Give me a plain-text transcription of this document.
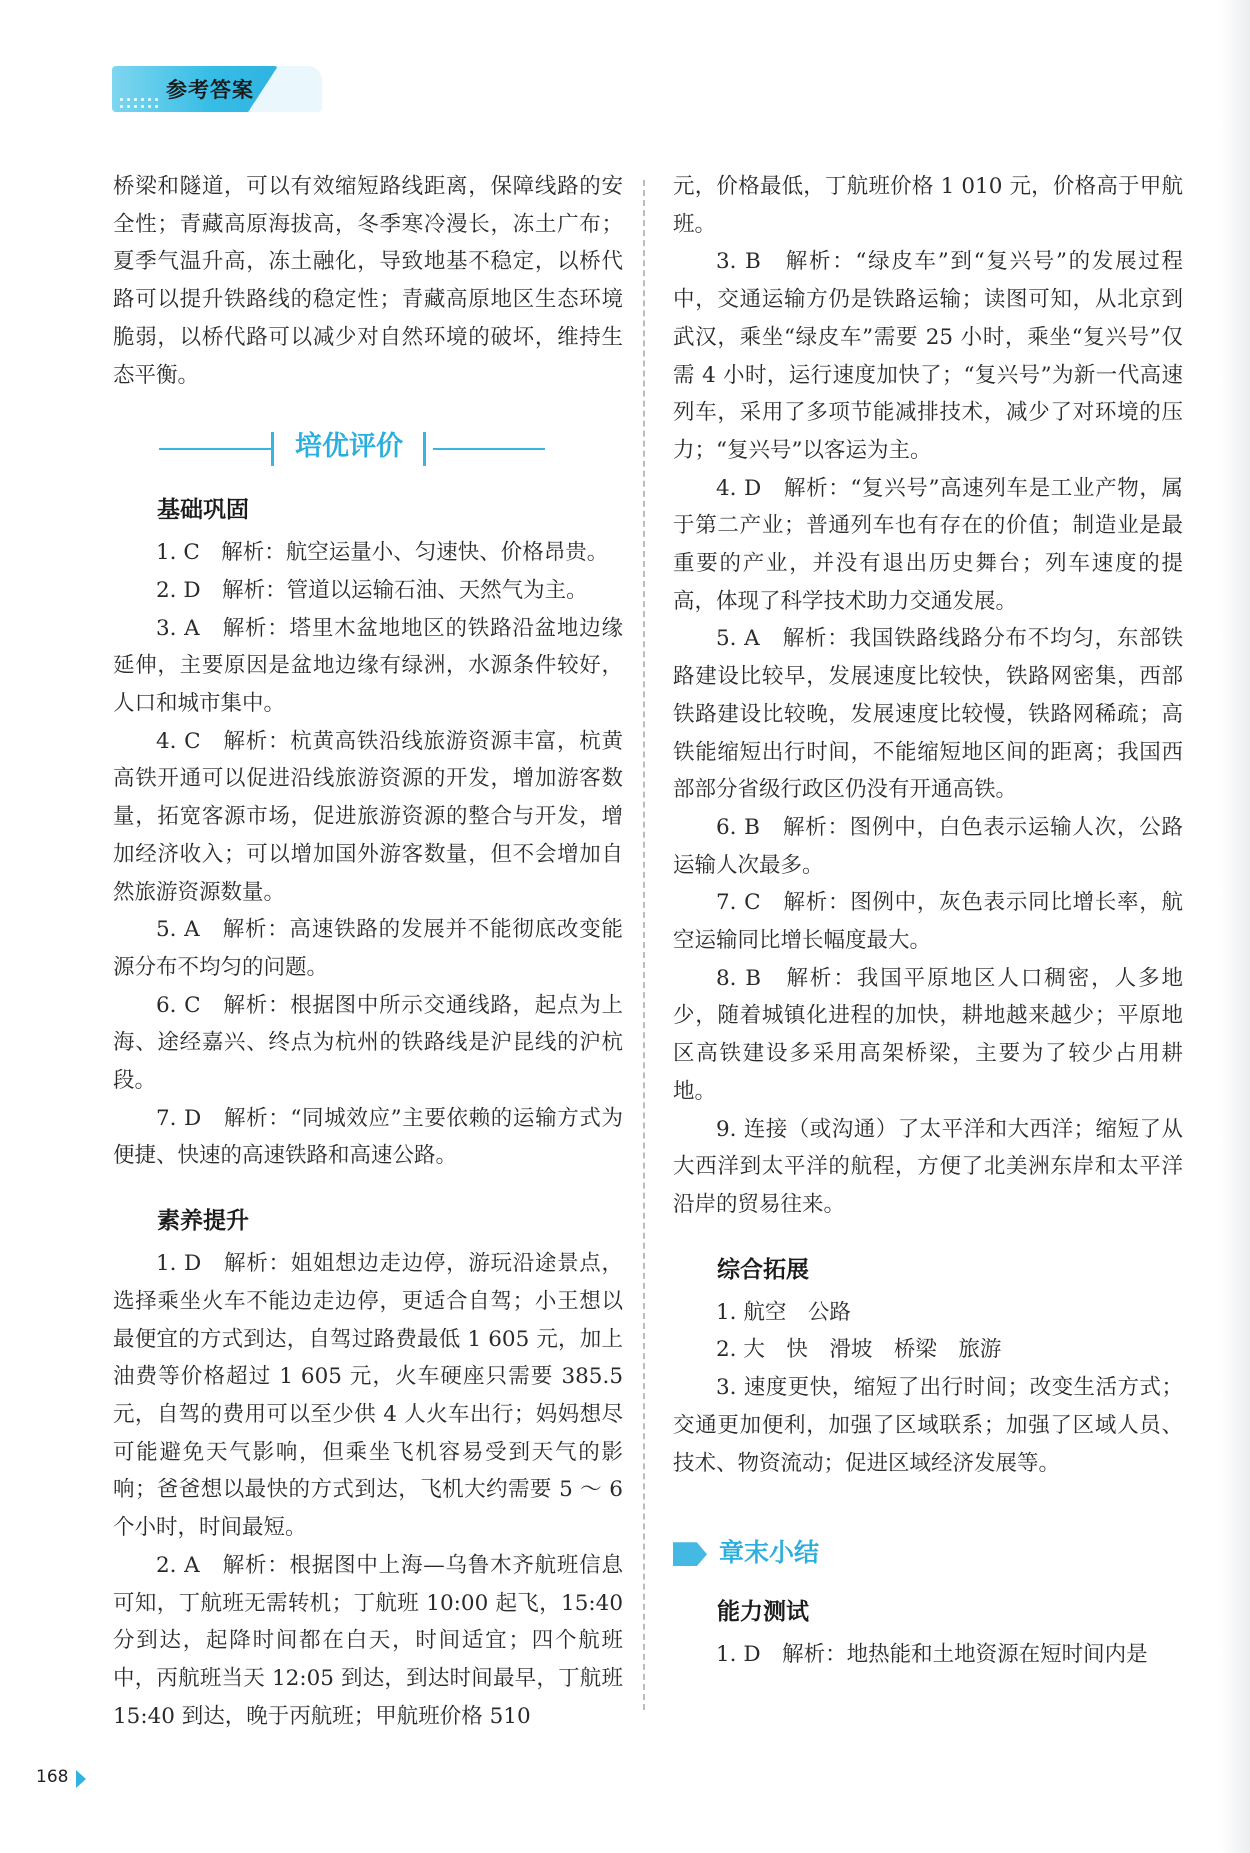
参考答案

桥梁和隧道，可以有效缩短路线距离，保障线路的安全性；青藏高原海拔高，冬季寒冷漫长，冻土广布；夏季气温升高，冻土融化，导致地基不稳定，以桥代路可以提升铁路线的稳定性；青藏高原地区生态环境脆弱，以桥代路可以减少对自然环境的破坏，维持生态平衡。

培优评价
基础巩固

1. C　解析：航空运量小、匀速快、价格昂贵。

2. D　解析：管道以运输石油、天然气为主。

3. A　解析：塔里木盆地地区的铁路沿盆地边缘延伸，主要原因是盆地边缘有绿洲，水源条件较好，人口和城市集中。

4. C　解析：杭黄高铁沿线旅游资源丰富，杭黄高铁开通可以促进沿线旅游资源的开发，增加游客数量，拓宽客源市场，促进旅游资源的整合与开发，增加经济收入；可以增加国外游客数量，但不会增加自然旅游资源数量。

5. A　解析：高速铁路的发展并不能彻底改变能源分布不均匀的问题。

6. C　解析：根据图中所示交通线路，起点为上海、途经嘉兴、终点为杭州的铁路线是沪昆线的沪杭段。

7. D　解析：“同城效应”主要依赖的运输方式为便捷、快速的高速铁路和高速公路。

素养提升

1. D　解析：姐姐想边走边停，游玩沿途景点，选择乘坐火车不能边走边停，更适合自驾；小王想以最便宜的方式到达，自驾过路费最低 1 605 元，加上油费等价格超过 1 605 元，火车硬座只需要 385.5 元，自驾的费用可以至少供 4 人火车出行；妈妈想尽可能避免天气影响，但乘坐飞机容易受到天气的影响；爸爸想以最快的方式到达，飞机大约需要 5 ～ 6 个小时，时间最短。

2. A　解析：根据图中上海—乌鲁木齐航班信息可知，丁航班无需转机；丁航班 10:00 起飞，15:40 分到达，起降时间都在白天，时间适宜；四个航班中，丙航班当天 12:05 到达，到达时间最早，丁航班 15:40 到达，晚于丙航班；甲航班价格 510

元，价格最低，丁航班价格 1 010 元，价格高于甲航班。

3. B　解析：“绿皮车”到“复兴号”的发展过程中，交通运输方仍是铁路运输；读图可知，从北京到武汉，乘坐“绿皮车”需要 25 小时，乘坐“复兴号”仅需 4 小时，运行速度加快了；“复兴号”为新一代高速列车，采用了多项节能减排技术，减少了对环境的压力；“复兴号”以客运为主。

4. D　解析：“复兴号”高速列车是工业产物，属于第二产业；普通列车也有存在的价值；制造业是最重要的产业，并没有退出历史舞台；列车速度的提高，体现了科学技术助力交通发展。

5. A　解析：我国铁路线路分布不均匀，东部铁路建设比较早，发展速度比较快，铁路网密集，西部铁路建设比较晚，发展速度比较慢，铁路网稀疏；高铁能缩短出行时间，不能缩短地区间的距离；我国西部部分省级行政区仍没有开通高铁。

6. B　解析：图例中，白色表示运输人次，公路运输人次最多。

7. C　解析：图例中，灰色表示同比增长率，航空运输同比增长幅度最大。

8. B　解析：我国平原地区人口稠密，人多地少，随着城镇化进程的加快，耕地越来越少；平原地区高铁建设多采用高架桥梁，主要为了较少占用耕地。

9. 连接（或沟通）了太平洋和大西洋；缩短了从大西洋到太平洋的航程，方便了北美洲东岸和太平洋沿岸的贸易往来。

综合拓展

1. 航空　公路

2. 大　快　滑坡　桥梁　旅游

3. 速度更快，缩短了出行时间；改变生活方式；交通更加便利，加强了区域联系；加强了区域人员、技术、物资流动；促进区域经济发展等。

章末小结
能力测试

1. D　解析：地热能和土地资源在短时间内是

168
